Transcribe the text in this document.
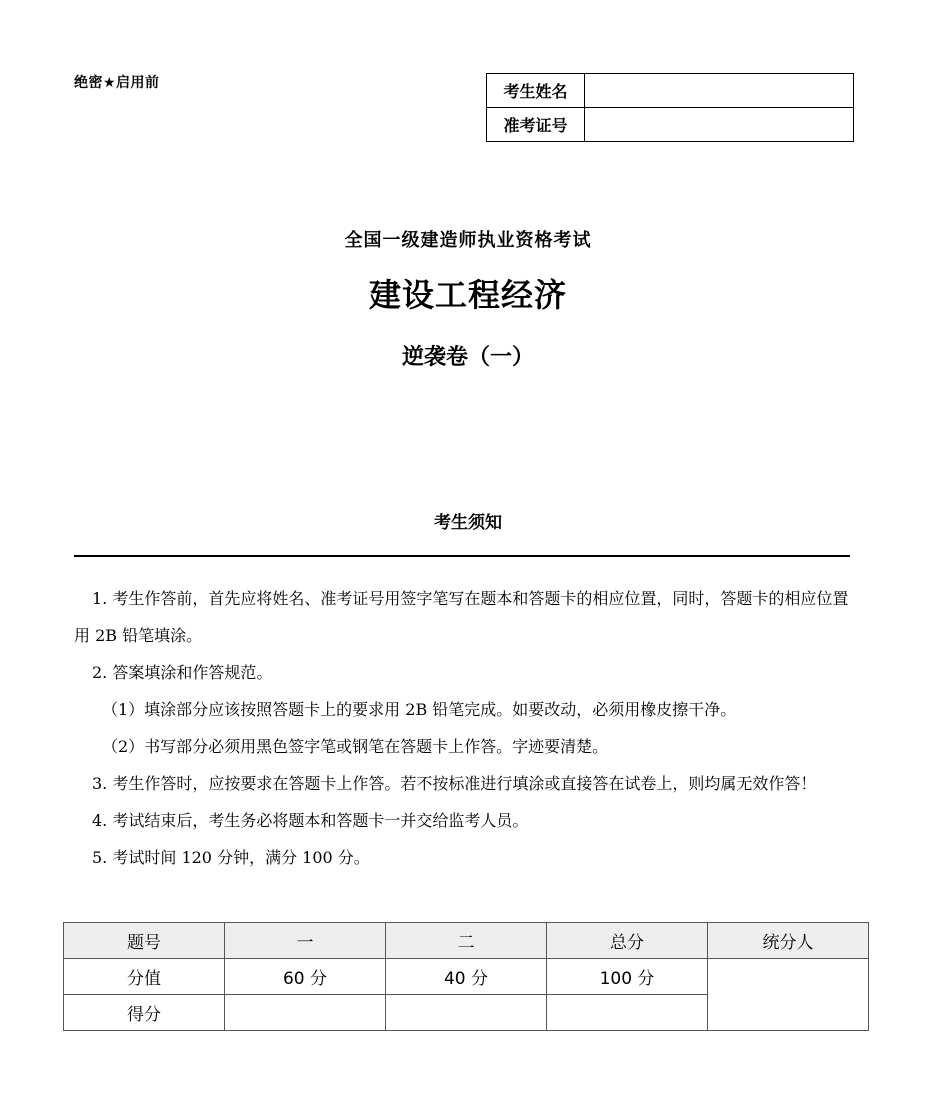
绝密★启用前	考生姓名	
准考证号	
全国一级建造师执业资格考试
建设工程经济
逆袭卷（一）
考生须知

1. 考生作答前，首先应将姓名、准考证号用签字笔写在题本和答题卡的相应位置，同时，答题卡的相应位置用 2B 铅笔填涂。

2. 答案填涂和作答规范。

（1）填涂部分应该按照答题卡上的要求用 2B 铅笔完成。如要改动，必须用橡皮擦干净。

（2）书写部分必须用黑色签字笔或钢笔在答题卡上作答。字迹要清楚。

3. 考生作答时，应按要求在答题卡上作答。若不按标准进行填涂或直接答在试卷上，则均属无效作答！

4. 考试结束后，考生务必将题本和答题卡一并交给监考人员。

5. 考试时间 120 分钟，满分 100 分。

题号	一	二	总分	统分人
分值	60 分	40 分	100 分	
得分				
